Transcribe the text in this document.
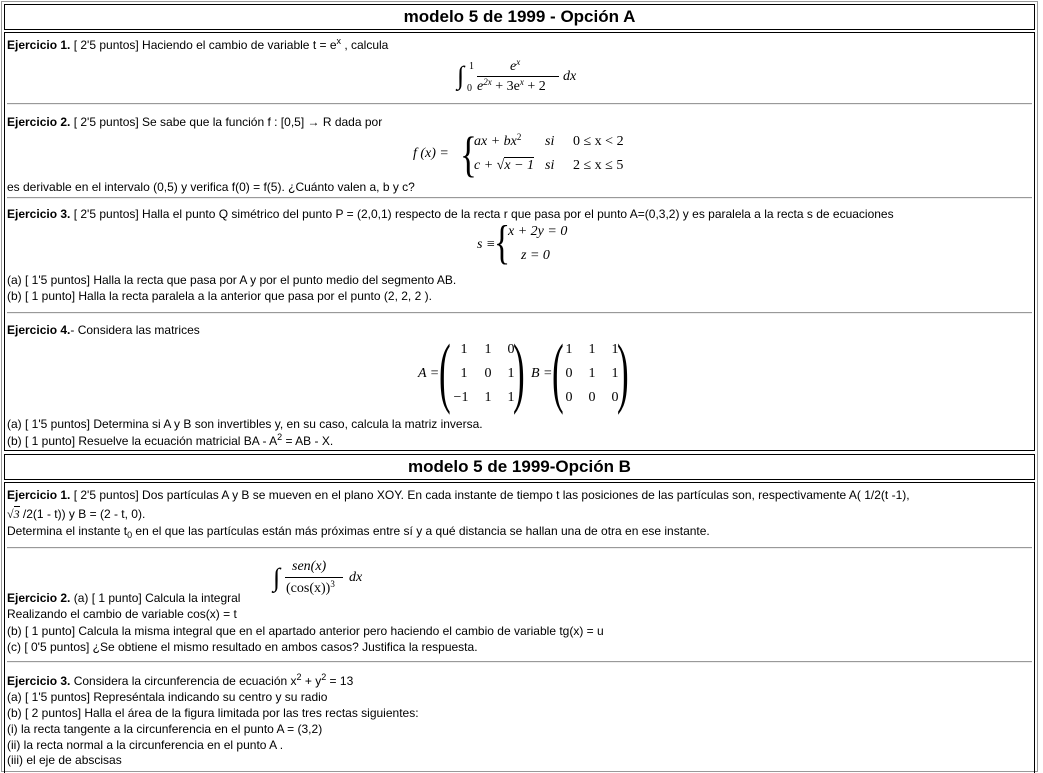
modelo 5 de 1999 - Opción A
Ejercicio 1. [ 2'5 puntos] Haciendo el cambio de variable $t = e^x$ , calcula
∫ 1
0
$e^x$
$e^{2x} + 3e^x + 2$
dx
Ejercicio 2. [ 2'5 puntos] Se sabe que la función f : [0,5] → R dada por
f (x) = {
ax + $bx^2$ si 0 ≤ x < 2
c + √x − 1 si 2 ≤ x ≤ 5
es derivable en el intervalo (0,5) y verifica f(0) = f(5). ¿Cuánto valen a, b y c?
Ejercicio 3. [ 2'5 puntos] Halla el punto Q simétrico del punto P = (2,0,1) respecto de la recta r que pasa por el punto A=(0,3,2) y es paralela a la recta s de ecuaciones
s ≡
{
x + 2y = 0
z = 0
(a) [ 1'5 puntos] Halla la recta que pasa por A y por el punto medio del segmento AB.
(b) [ 1 punto] Halla la recta paralela a la anterior que pasa por el punto (2, 2, 2 ).
Ejercicio 4.- Considera las matrices
A = ( )
1 1 0
1 0 1
−1 1 1
B = ( )
1 1 1
0 1 1
0 0 0
(a) [ 1'5 puntos] Determina si A y B son invertibles y, en su caso, calcula la matriz inversa.
(b) [ 1 punto] Resuelve la ecuación matricial BA - $A^2$ = AB - X.
modelo 5 de 1999-Opción B
Ejercicio 1. [ 2'5 puntos] Dos partículas A y B se mueven en el plano XOY. En cada instante de tiempo t las posiciones de las partículas son, respectivamente A( 1/2(t -1),
√3 /2(1 - t)) y B = (2 - t, 0).
Determina el instante $t_0$ en el que las partículas están más próximas entre sí y a qué distancia se hallan una de otra en ese instante.
∫ sen(x)
$(\cos(x))^3$ dx
Ejercicio 2. (a) [ 1 punto] Calcula la integral
Realizando el cambio de variable cos(x) = t
(b) [ 1 punto] Calcula la misma integral que en el apartado anterior pero haciendo el cambio de variable tg(x) = u
(c) [ 0'5 puntos] ¿Se obtiene el mismo resultado en ambos casos? Justifica la respuesta.
Ejercicio 3. Considera la circunferencia de ecuación $x^2 + y^2 = 13$
(a) [ 1'5 puntos] Represéntala indicando su centro y su radio
(b) [ 2 puntos] Halla el área de la figura limitada por las tres rectas siguientes:
(i) la recta tangente a la circunferencia en el punto A = (3,2)
(ii) la recta normal a la circunferencia en el punto A .
(iii) el eje de abscisas
